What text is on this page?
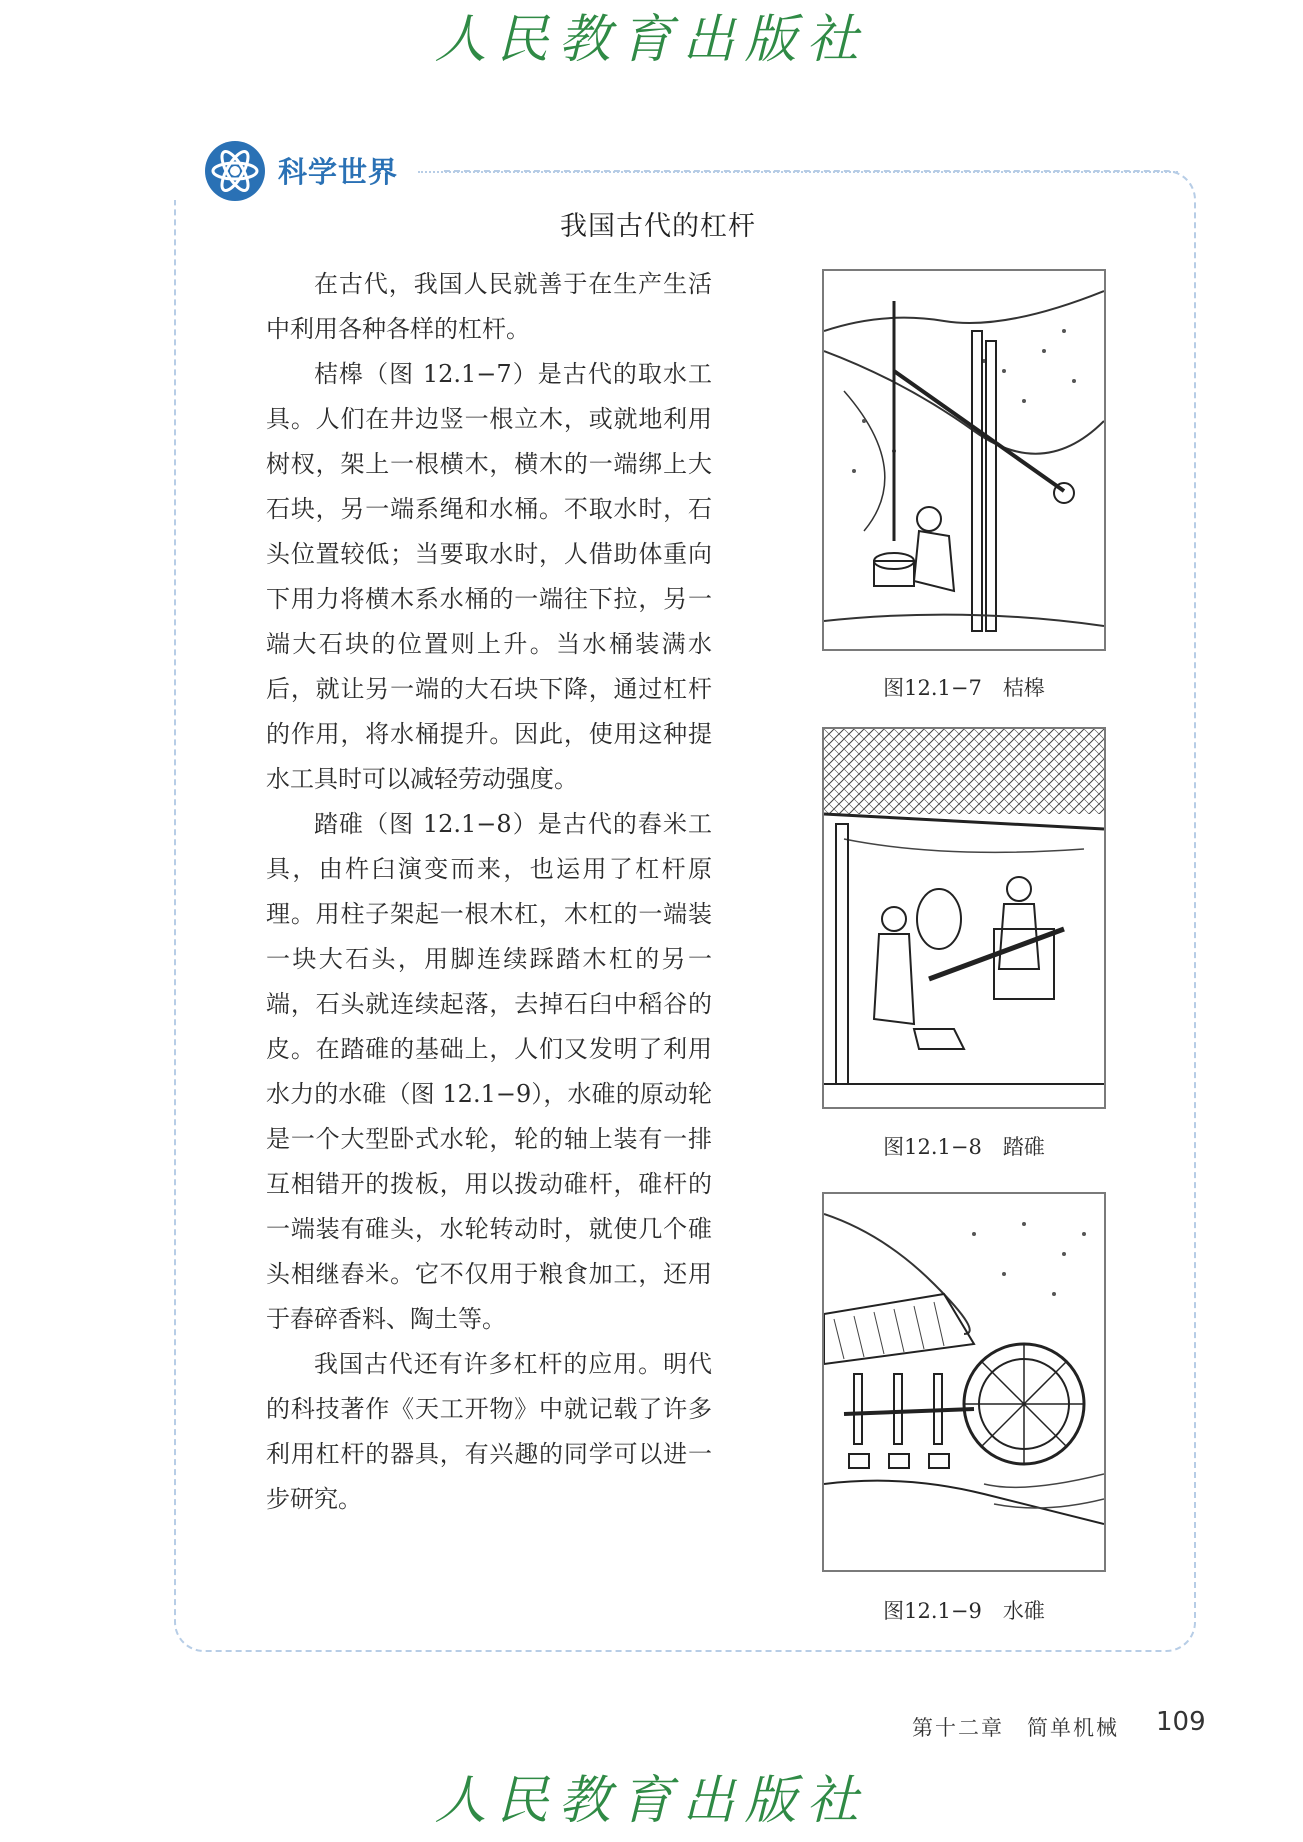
人民教育出版社
科学世界
我国古代的杠杆

在古代，我国人民就善于在生产生活中利用各种各样的杠杆。

桔槔（图 12.1−7）是古代的取水工具。人们在井边竖一根立木，或就地利用树杈，架上一根横木，横木的一端绑上大石块，另一端系绳和水桶。不取水时，石头位置较低；当要取水时，人借助体重向下用力将横木系水桶的一端往下拉，另一端大石块的位置则上升。当水桶装满水后，就让另一端的大石块下降，通过杠杆的作用，将水桶提升。因此，使用这种提水工具时可以减轻劳动强度。

踏碓（图 12.1−8）是古代的舂米工具，由杵臼演变而来，也运用了杠杆原理。用柱子架起一根木杠，木杠的一端装一块大石头，用脚连续踩踏木杠的另一端，石头就连续起落，去掉石臼中稻谷的皮。在踏碓的基础上，人们又发明了利用水力的水碓（图 12.1−9），水碓的原动轮是一个大型卧式水轮，轮的轴上装有一排互相错开的拨板，用以拨动碓杆，碓杆的一端装有碓头，水轮转动时，就使几个碓头相继舂米。它不仅用于粮食加工，还用于舂碎香料、陶土等。

我国古代还有许多杠杆的应用。明代的科技著作《天工开物》中就记载了许多利用杠杆的器具，有兴趣的同学可以进一步研究。

图12.1−7　桔槔
图12.1−8　踏碓
图12.1−9　水碓
第十二章　简单机械 109
人民教育出版社
